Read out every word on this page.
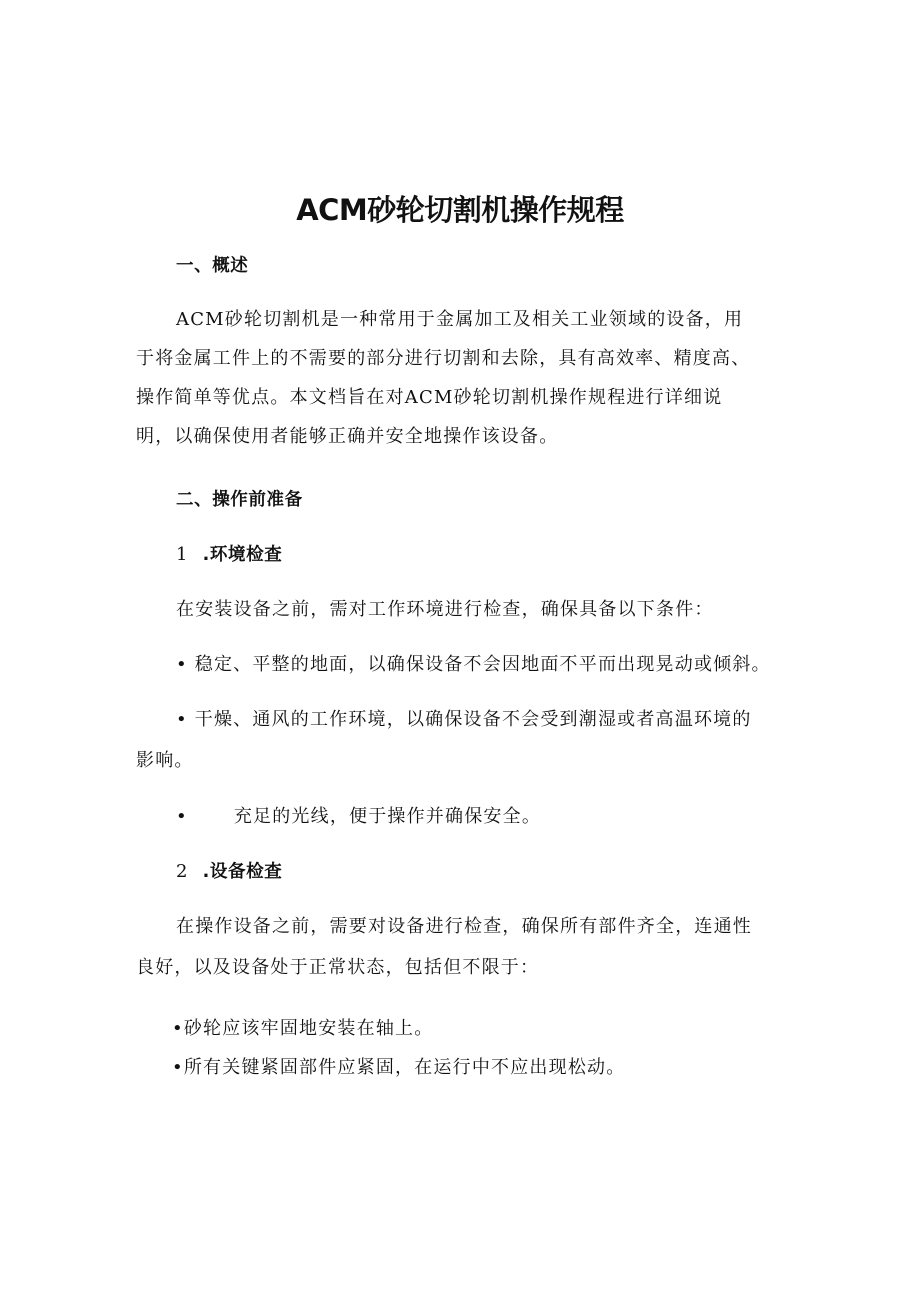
ACM砂轮切割机操作规程
一、概述
ACM砂轮切割机是一种常用于金属加工及相关工业领域的设备，用
于将金属工件上的不需要的部分进行切割和去除，具有高效率、精度高、
操作简单等优点。本文档旨在对ACM砂轮切割机操作规程进行详细说
明，以确保使用者能够正确并安全地操作该设备。
二、操作前准备
1 .环境检查
在安装设备之前，需对工作环境进行检查，确保具备以下条件：
• 稳定、平整的地面，以确保设备不会因地面不平而出现晃动或倾斜。
• 干燥、通风的工作环境，以确保设备不会受到潮湿或者高温环境的
影响。
•	充足的光线，便于操作并确保安全。
2 .设备检查
在操作设备之前，需要对设备进行检查，确保所有部件齐全，连通性
良好，以及设备处于正常状态，包括但不限于：
•砂轮应该牢固地安装在轴上。
•所有关键紧固部件应紧固，在运行中不应出现松动。
